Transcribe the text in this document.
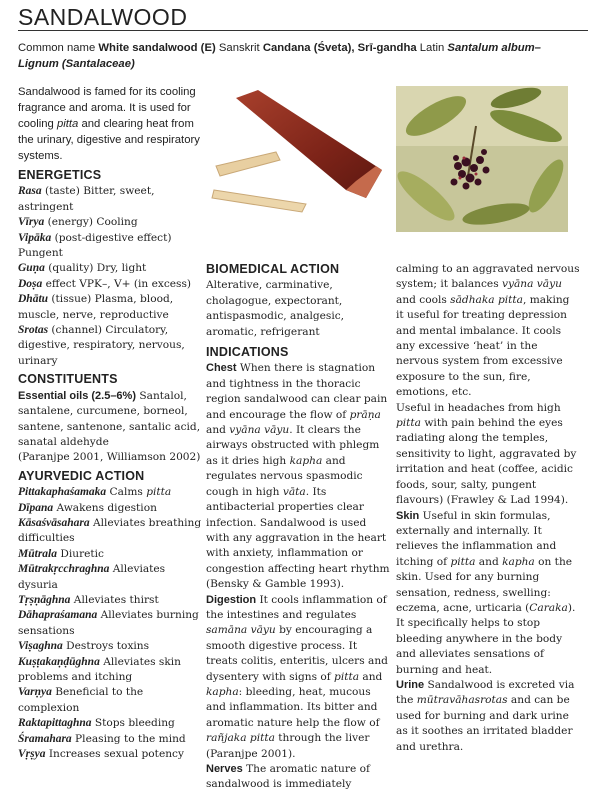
SANDALWOOD
Common name White sandalwood (E) Sanskrit Candana (Śveta), Srī-gandha Latin Santalum album–
Lignum (Santalaceae)
Sandalwood is famed for its cooling fragrance and aroma. It is used for cooling pitta and clearing heat from the urinary, digestive and respiratory systems.
ENERGETICS

Rasa (taste) Bitter, sweet, astringent

Vīrya (energy) Cooling

Vipāka (post-digestive effect) Pungent

Guṇa (quality) Dry, light

Doṣa effect VPK–, V+ (in excess)

Dhātu (tissue) Plasma, blood, muscle, nerve, reproductive

Srotas (channel) Circulatory, digestive, respiratory, nervous, urinary

CONSTITUENTS

Essential oils (2.5–6%) Santalol, santalene, curcumene, borneol, santene, santenone, santalic acid, sanatal aldehyde

(Paranjpe 2001, Williamson 2002)

AYURVEDIC ACTION

Pittakaphaśamaka Calms pitta

Dīpana Awakens digestion

Kāsaśvāsahara Alleviates breathing difficulties

Mūtrala Diuretic

Mūtrakṛcchraghna Alleviates dysuria

Tṛṣṇāghna Alleviates thirst

Dāhapraśamana Alleviates burning sensations

Viṣaghna Destroys toxins

Kuṣṭakaṇḍūghna Alleviates skin problems and itching

Varṇya Beneficial to the complexion

Raktapittaghna Stops bleeding

Śramahara Pleasing to the mind

Vṛṣya Increases sexual potency

BIOMEDICAL ACTION

Alterative, carminative, cholagogue, expectorant, antispasmodic, analgesic, aromatic, refrigerant

INDICATIONS

Chest When there is stagnation and tightness in the thoracic region sandalwood can clear pain and encourage the flow of prāṇa and vyāna vāyu. It clears the airways obstructed with phlegm as it dries high kapha and regulates nervous spasmodic cough in high vāta. Its antibacterial properties clear infection. Sandalwood is used with any aggravation in the heart with anxiety, inflammation or congestion affecting heart rhythm (Bensky & Gamble 1993).

Digestion It cools inflammation of the intestines and regulates samāna vāyu by encouraging a smooth digestive process. It treats colitis, enteritis, ulcers and dysentery with signs of pitta and kapha: bleeding, heat, mucous and inflammation. Its bitter and aromatic nature help the flow of rañjaka pitta through the liver (Paranjpe 2001).

Nerves The aromatic nature of sandalwood is immediately

calming to an aggravated nervous system; it balances vyāna vāyu and cools sādhaka pitta, making it useful for treating depression and mental imbalance. It cools any excessive ‘heat’ in the nervous system from excessive exposure to the sun, fire, emotions, etc.

Useful in headaches from high pitta with pain behind the eyes radiating along the temples, sensitivity to light, aggravated by irritation and heat (coffee, acidic foods, sour, salty, pungent flavours) (Frawley & Lad 1994).

Skin Useful in skin formulas, externally and internally. It relieves the inflammation and itching of pitta and kapha on the skin. Used for any burning sensation, redness, swelling: eczema, acne, urticaria (Caraka). It specifically helps to stop bleeding anywhere in the body and alleviates sensations of burning and heat.

Urine Sandalwood is excreted via the mūtravāhasrotas and can be used for burning and dark urine as it soothes an irritated bladder and urethra.
